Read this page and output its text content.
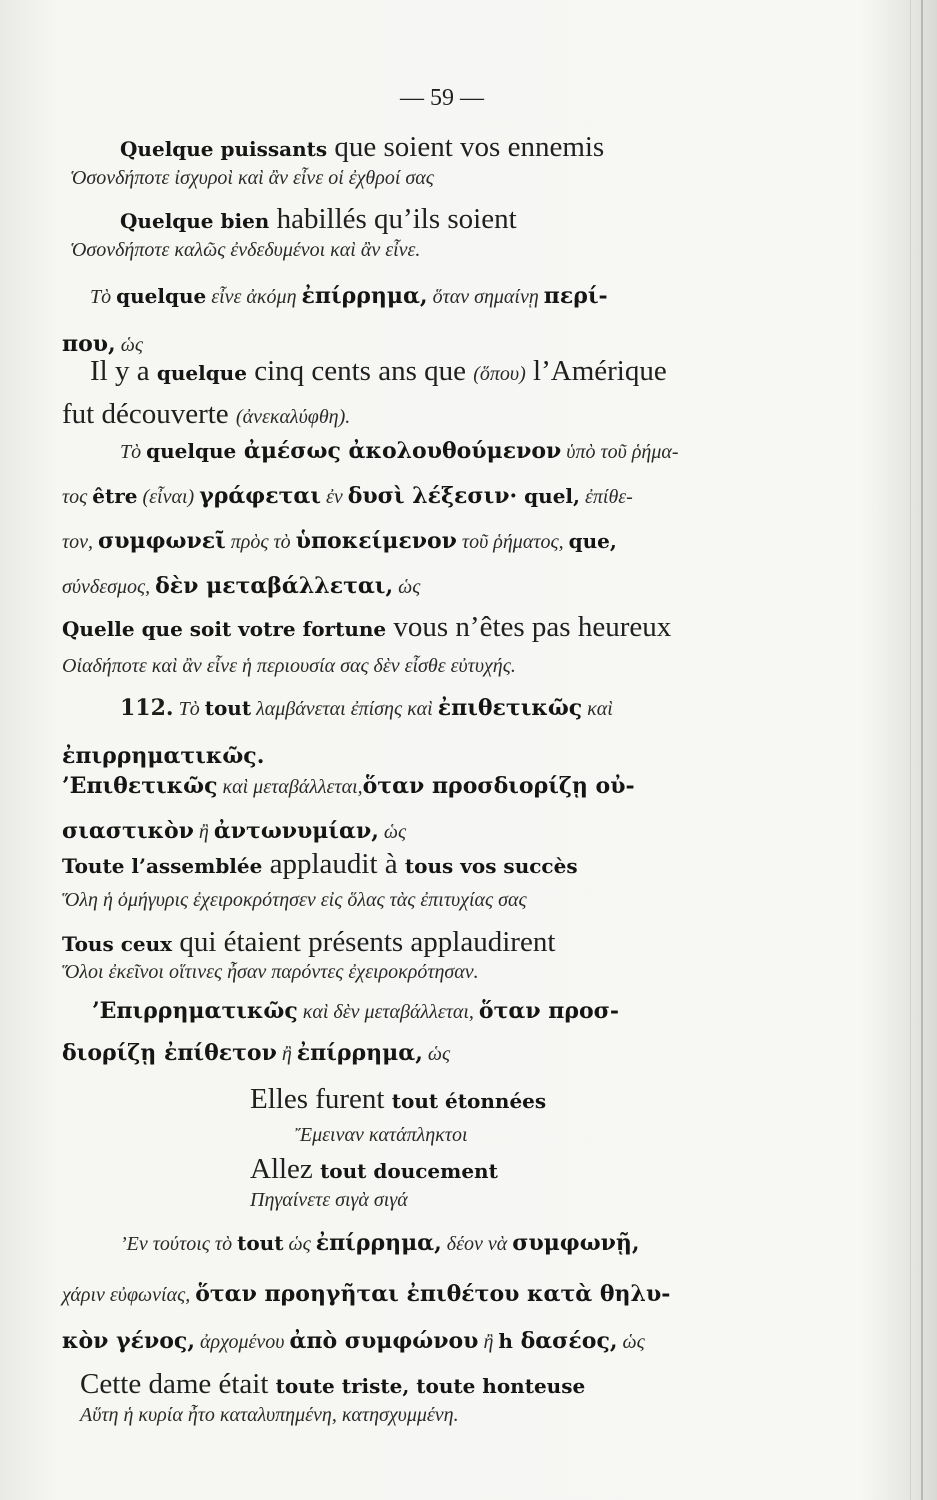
— 59 —
Quelque puissants que soient vos ennemis
Ὁσονδήποτε ἰσχυροὶ καὶ ἂν εἶνε οἱ ἐχθροί σας
Quelque bien habillés qu’ils soient
Ὁσονδήποτε καλῶς ἐνδεδυμένοι καὶ ἂν εἶνε.
Τὸ quelque εἶνε ἀκόμη ἐπίρρημα, ὅταν σημαίνῃ περί-
που, ὡς
Il y a quelque cinq cents ans que (ὅπου) l’Amérique
fut découverte (ἀνεκαλύφθη).
Τὸ quelque ἀμέσως ἀκολουθούμενον ὑπὸ τοῦ ῥήμα-
τος être (εἶναι) γράφεται ἐν δυσὶ λέξεσιν· quel, ἐπίθε-
τον, συμφωνεῖ πρὸς τὸ ὑποκείμενον τοῦ ῥήματος, que,
σύνδεσμος, δὲν μεταβάλλεται, ὡς
Quelle que soit votre fortune vous n’êtes pas heureux
Οἱαδήποτε καὶ ἂν εἶνε ἡ περιουσία σας δὲν εἶσθε εὐτυχής.
112. Τὸ tout λαμβάνεται ἐπίσης καὶ ἐπιθετικῶς καὶ
ἐπιρρηματικῶς.
’Επιθετικῶς καὶ μεταβάλλεται,ὅταν προσδιορίζῃ οὐ-
σιαστικὸν ἢ ἀντωνυμίαν, ὡς
Toute l’assemblée applaudit à tous vos succès
Ὅλη ἡ ὁμήγυρις ἐχειροκρότησεν εἰς ὅλας τὰς ἐπιτυχίας σας
Tous ceux qui étaient présents applaudirent
Ὅλοι ἐκεῖνοι οἵτινες ἦσαν παρόντες ἐχειροκρότησαν.
’Επιρρηματικῶς καὶ δὲν μεταβάλλεται, ὅταν προσ-
διορίζῃ ἐπίθετον ἢ ἐπίρρημα, ὡς
Elles furent tout étonnées
Ἔμειναν κατάπληκτοι
Allez tout doucement
Πηγαίνετε σιγὰ σιγά
’Εν τούτοις τὸ tout ὡς ἐπίρρημα, δέον νὰ συμφωνῇ,
χάριν εὐφωνίας, ὅταν προηγῆται ἐπιθέτου κατὰ θηλυ-
κὸν γένος, ἀρχομένου ἀπὸ συμφώνου ἢ h δασέος, ὡς
Cette dame était toute triste, toute honteuse
Αὕτη ἡ κυρία ἦτο καταλυπημένη, κατησχυμμένη.
